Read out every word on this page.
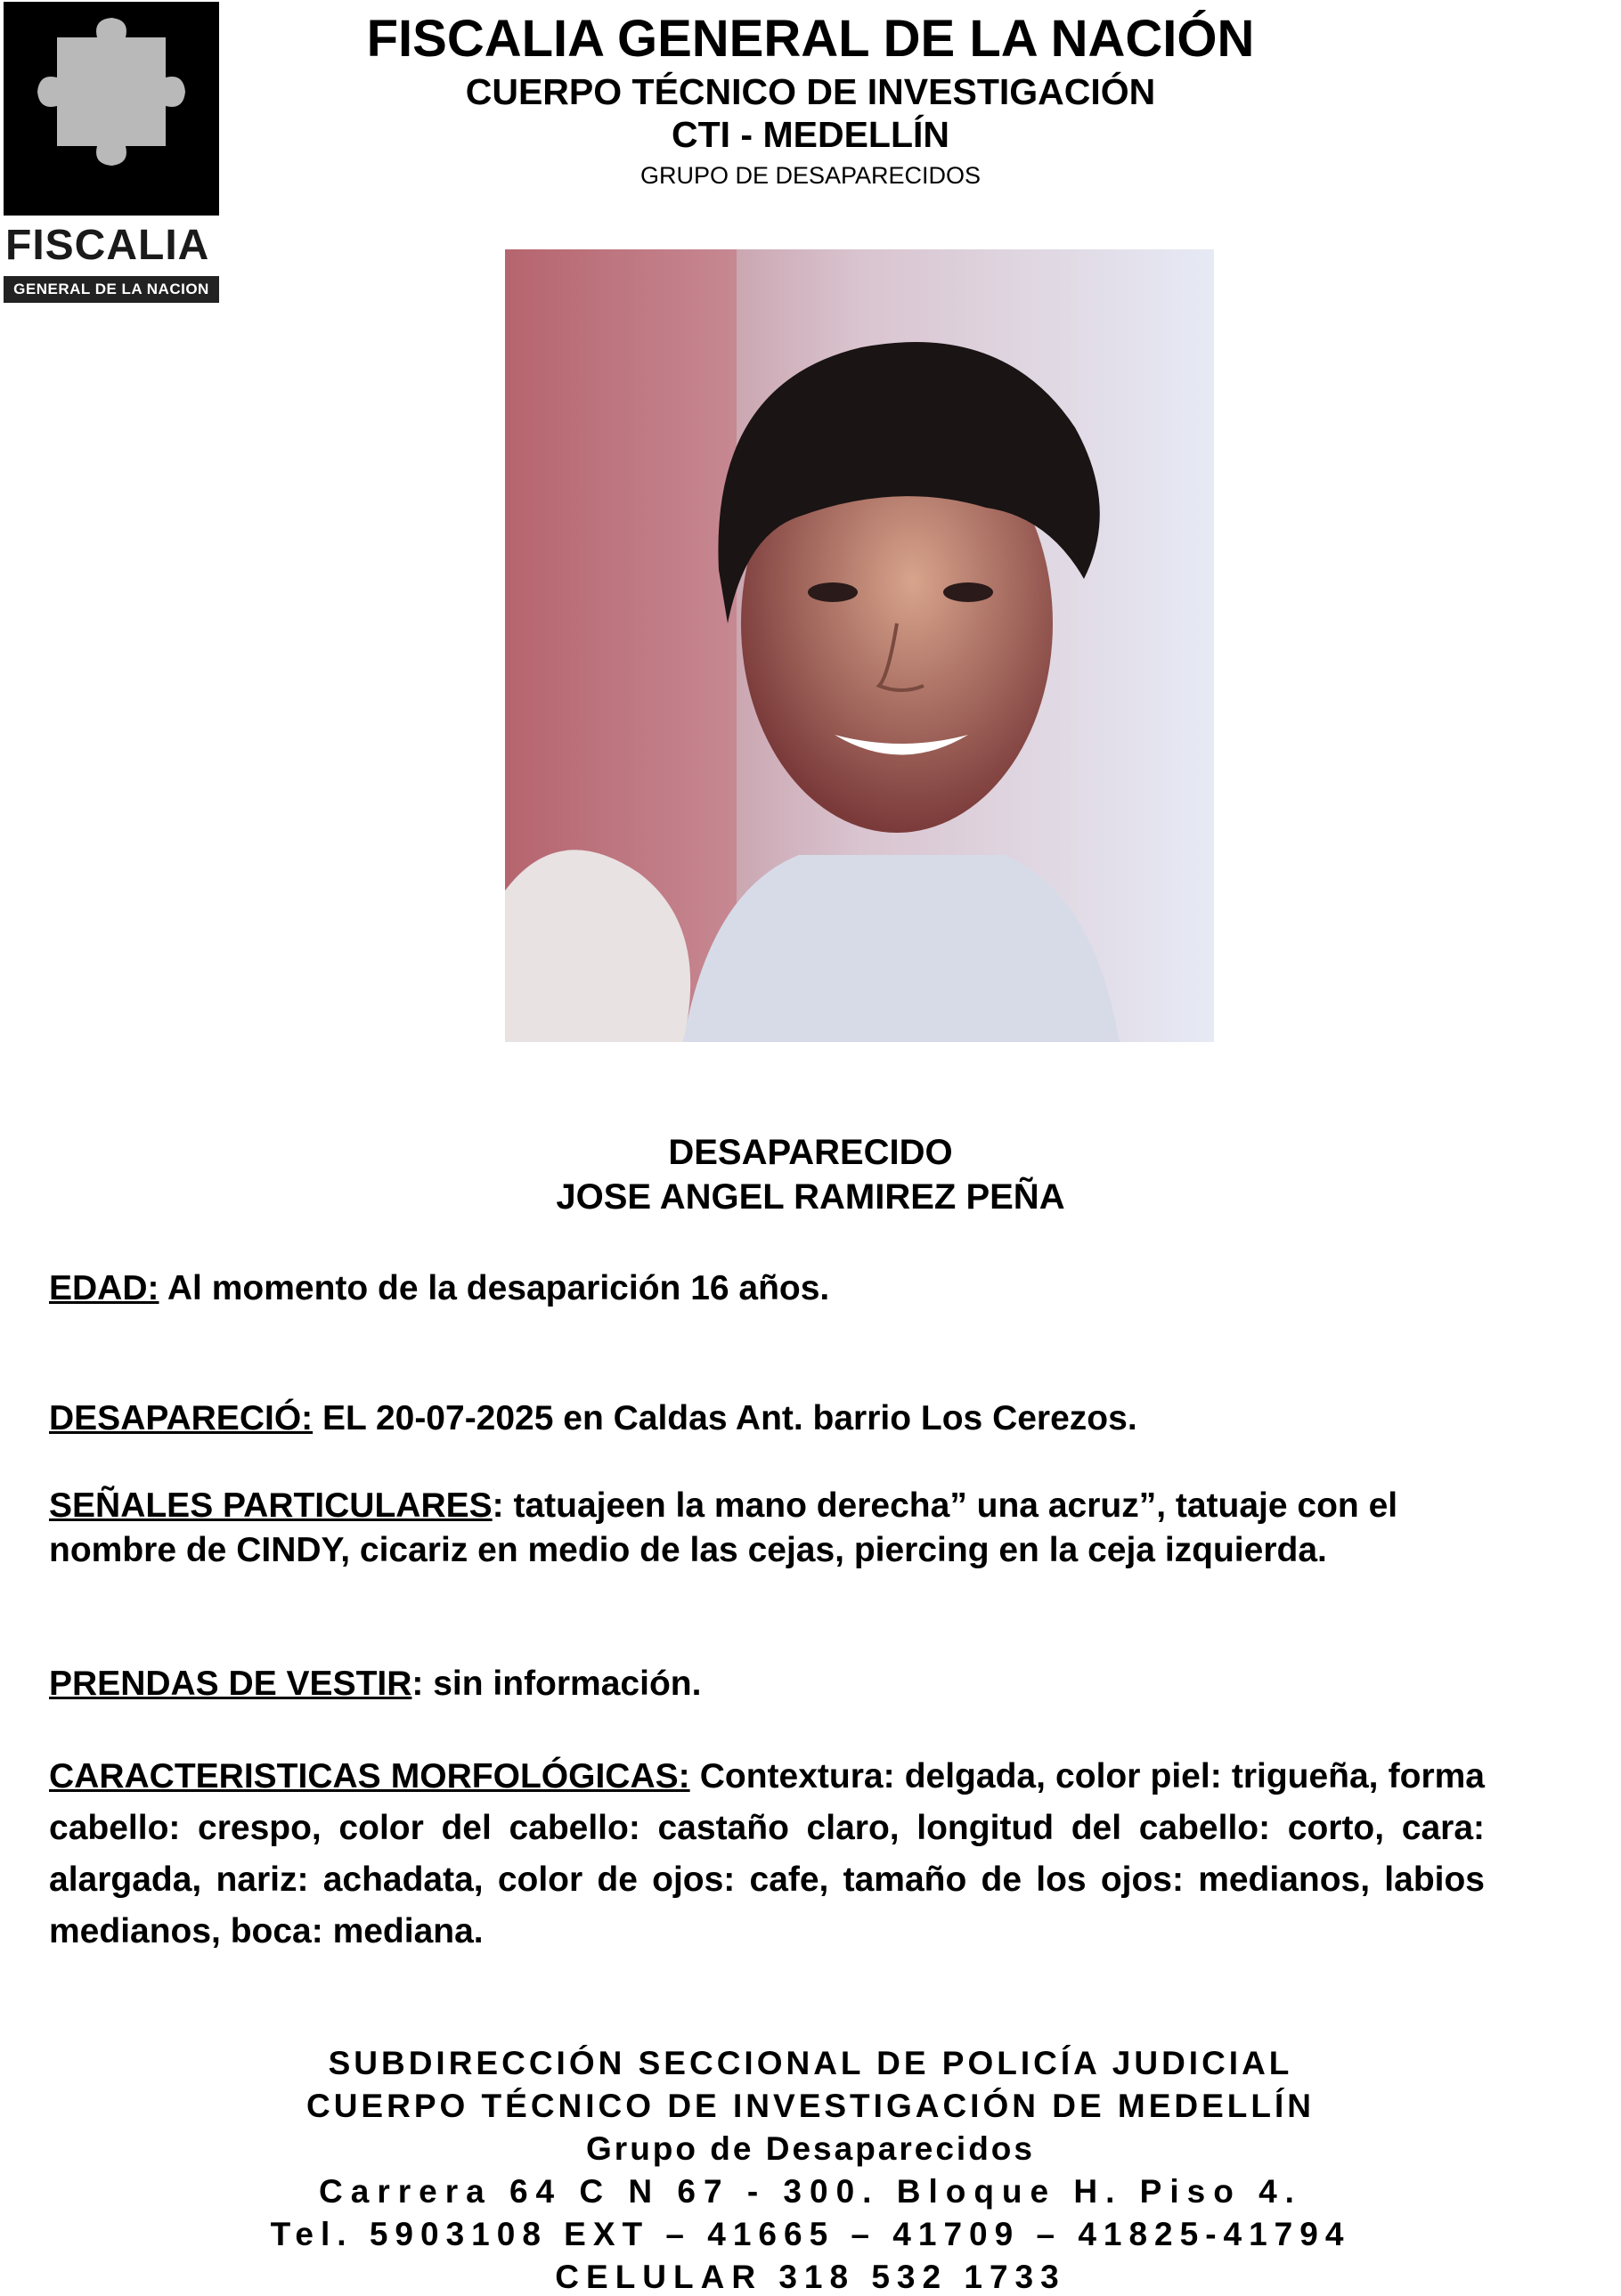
FISCALIA
GENERAL DE LA NACION
FISCALIA GENERAL DE LA NACIÓN
CUERPO TÉCNICO DE INVESTIGACIÓN
CTI - MEDELLÍN
GRUPO DE DESAPARECIDOS
DESAPARECIDO
JOSE ANGEL RAMIREZ PEÑA
EDAD: Al momento de la desaparición 16 años.
DESAPARECIÓ: EL 20-07-2025 en Caldas Ant. barrio Los Cerezos.
SEÑALES PARTICULARES: tatuajeen la mano derecha” una acruz”, tatuaje con el nombre de CINDY, cicariz en medio de las cejas, piercing en la ceja izquierda.
PRENDAS DE VESTIR: sin información.
CARACTERISTICAS MORFOLÓGICAS: Contextura: delgada, color piel: trigueña, forma cabello: crespo, color del cabello: castaño claro, longitud del cabello: corto, cara: alargada, nariz: achadata, color de ojos: cafe, tamaño de los ojos: medianos, labios medianos, boca: mediana.
SUBDIRECCIÓN SECCIONAL DE POLICÍA JUDICIAL
CUERPO TÉCNICO DE INVESTIGACIÓN DE MEDELLÍN
Grupo de Desaparecidos
Carrera 64 C N 67 - 300. Bloque H. Piso 4.
Tel. 5903108 EXT – 41665 – 41709 – 41825-41794
CELULAR 318 532 1733
